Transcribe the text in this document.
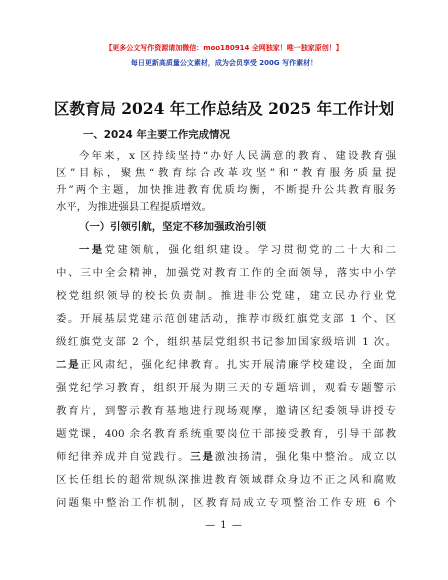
【更多公文写作资源请加微信：moo180914 全网独家！唯一独家原创！】
每日更新高质量公文素材，成为会员享受 200G 写作素材！
区教育局 2024 年工作总结及 2025 年工作计划
一、2024 年主要工作完成情况
今年来，x 区持续坚持“办好人民满意的教育、建设教育强
区”目标，聚焦“教育综合改革攻坚”和“教育服务质量提
升”两个主题，加快推进教育优质均衡，不断提升公共教育服务
水平，为推进强县工程提质增效。
（一）引领引航，坚定不移加强政治引领
一是党建领航，强化组织建设。学习贯彻党的二十大和二
中、三中全会精神，加强党对教育工作的全面领导，落实中小学
校党组织领导的校长负责制。推进非公党建，建立民办行业党
委。开展基层党建示范创建活动，推荐市级红旗党支部 1 个、区
级红旗党支部 2 个，组织基层党组织书记参加国家级培训 1 次。
二是正风肃纪，强化纪律教育。扎实开展清廉学校建设，全面加
强党纪学习教育，组织开展为期三天的专题培训，观看专题警示
教育片，到警示教育基地进行现场观摩，邀请区纪委领导讲授专
题党课，400 余名教育系统重要岗位干部接受教育，引导干部教
师纪律养成并自觉践行。三是激浊扬清，强化集中整治。成立以
区长任组长的超常规纵深推进教育领域群众身边不正之风和腐败
问题集中整治工作机制，区教育局成立专项整治工作专班 6 个
— 1 —
